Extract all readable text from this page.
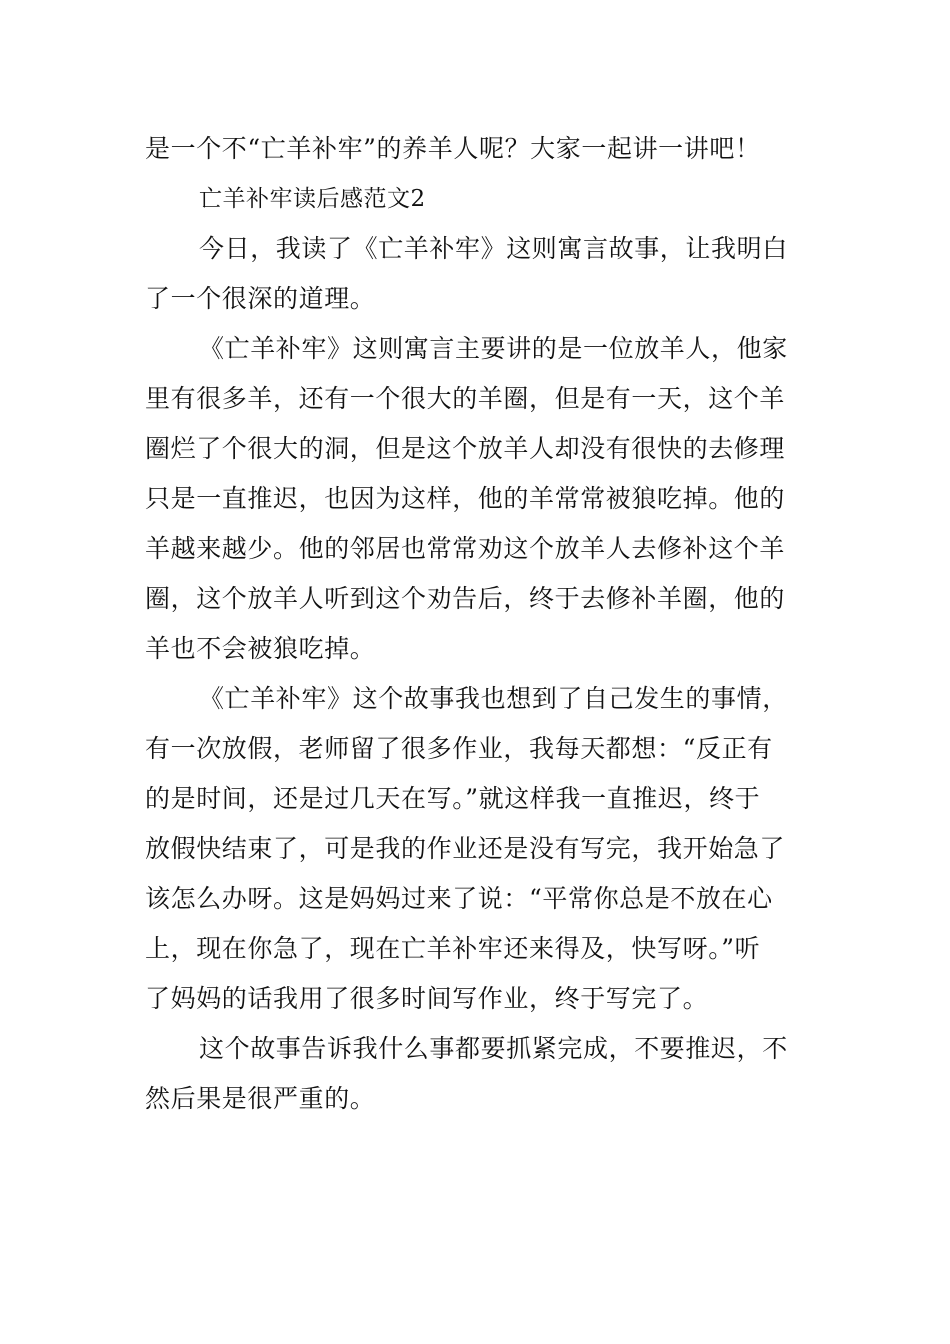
是一个不“亡羊补牢”的养羊人呢？大家一起讲一讲吧！
亡羊补牢读后感范文2
今日，我读了《亡羊补牢》这则寓言故事，让我明白
了一个很深的道理。
《亡羊补牢》这则寓言主要讲的是一位放羊人，他家
里有很多羊，还有一个很大的羊圈，但是有一天，这个羊
圈烂了个很大的洞，但是这个放羊人却没有很快的去修理
只是一直推迟，也因为这样，他的羊常常被狼吃掉。他的
羊越来越少。他的邻居也常常劝这个放羊人去修补这个羊
圈，这个放羊人听到这个劝告后，终于去修补羊圈，他的
羊也不会被狼吃掉。
《亡羊补牢》这个故事我也想到了自己发生的事情，
有一次放假，老师留了很多作业，我每天都想：“反正有
的是时间，还是过几天在写。”就这样我一直推迟，终于
放假快结束了，可是我的作业还是没有写完，我开始急了
该怎么办呀。这是妈妈过来了说：“平常你总是不放在心
上，现在你急了，现在亡羊补牢还来得及，快写呀。”听
了妈妈的话我用了很多时间写作业，终于写完了。
这个故事告诉我什么事都要抓紧完成，不要推迟，不
然后果是很严重的。
